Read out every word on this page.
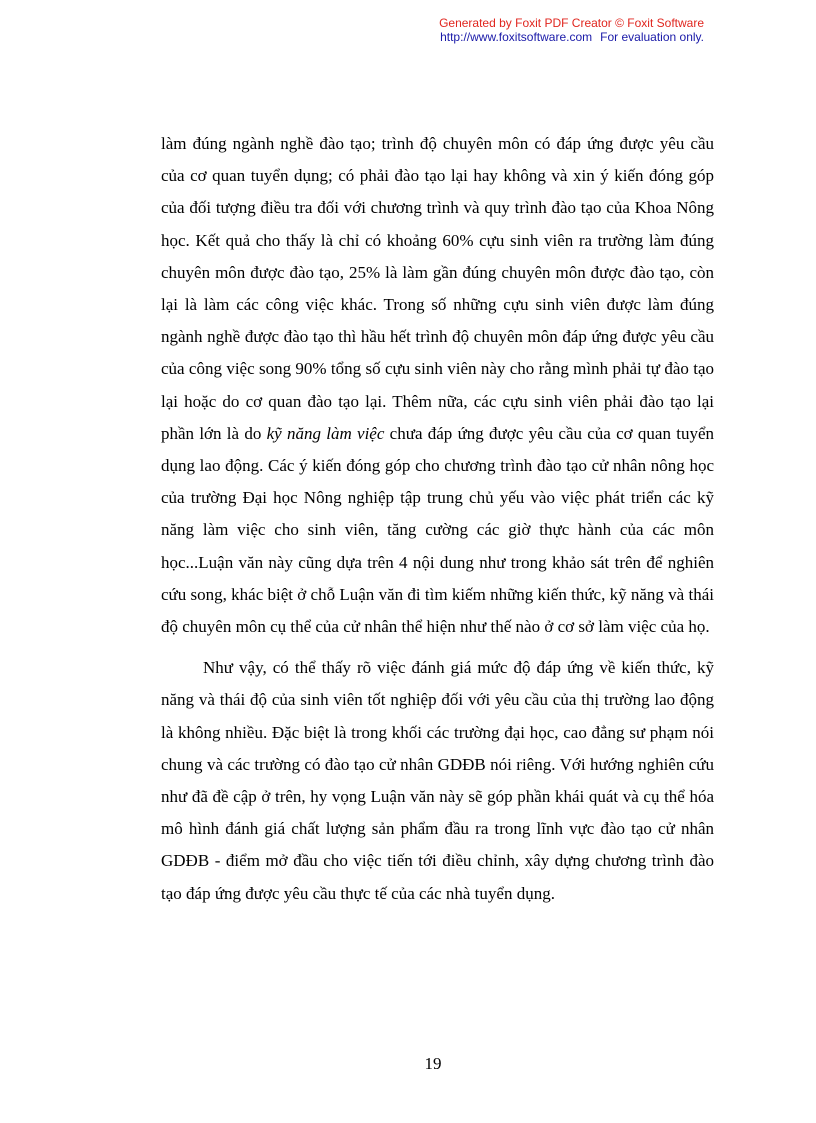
Generated by Foxit PDF Creator © Foxit Software
http://www.foxitsoftware.com For evaluation only.

làm đúng ngành nghề đào tạo; trình độ chuyên môn có đáp ứng được yêu cầu của cơ quan tuyển dụng; có phải đào tạo lại hay không và xin ý kiến đóng góp của đối tượng điều tra đối với chương trình và quy trình đào tạo của Khoa Nông học. Kết quả cho thấy là chỉ có khoảng 60% cựu sinh viên ra trường làm đúng chuyên môn được đào tạo, 25% là làm gần đúng chuyên môn được đào tạo, còn lại là làm các công việc khác. Trong số những cựu sinh viên được làm đúng ngành nghề được đào tạo thì hầu hết trình độ chuyên môn đáp ứng được yêu cầu của công việc song 90% tổng số cựu sinh viên này cho rằng mình phải tự đào tạo lại hoặc do cơ quan đào tạo lại. Thêm nữa, các cựu sinh viên phải đào tạo lại phần lớn là do kỹ năng làm việc chưa đáp ứng được yêu cầu của cơ quan tuyển dụng lao động. Các ý kiến đóng góp cho chương trình đào tạo cử nhân nông học của trường Đại học Nông nghiệp tập trung chủ yếu vào việc phát triển các kỹ năng làm việc cho sinh viên, tăng cường các giờ thực hành của các môn học...Luận văn này cũng dựa trên 4 nội dung như trong khảo sát trên để nghiên cứu song, khác biệt ở chỗ Luận văn đi tìm kiếm những kiến thức, kỹ năng và thái độ chuyên môn cụ thể của cử nhân thể hiện như thế nào ở cơ sở làm việc của họ.

Như vậy, có thể thấy rõ việc đánh giá mức độ đáp ứng về kiến thức, kỹ năng và thái độ của sinh viên tốt nghiệp đối với yêu cầu của thị trường lao động là không nhiều. Đặc biệt là trong khối các trường đại học, cao đẳng sư phạm nói chung và các trường có đào tạo cử nhân GDĐB nói riêng. Với hướng nghiên cứu như đã đề cập ở trên, hy vọng Luận văn này sẽ góp phần khái quát và cụ thể hóa mô hình đánh giá chất lượng sản phẩm đầu ra trong lĩnh vực đào tạo cử nhân GDĐB - điểm mở đầu cho việc tiến tới điều chỉnh, xây dựng chương trình đào tạo đáp ứng được yêu cầu thực tế của các nhà tuyển dụng.

19
